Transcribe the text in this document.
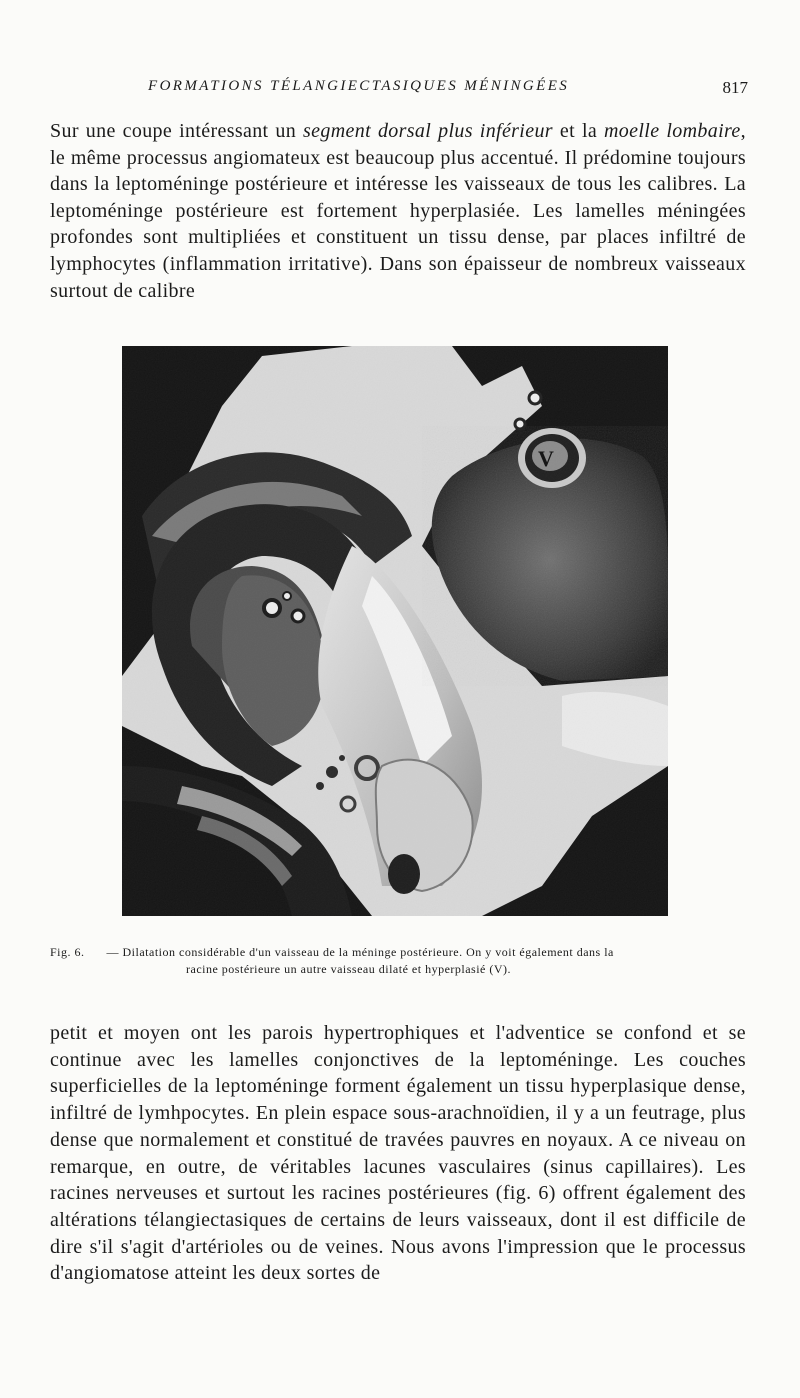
FORMATIONS TÉLANGIECTASIQUES MÉNINGÉES	817

Sur une coupe intéressant un segment dorsal plus inférieur et la moelle lombaire, le même processus angiomateux est beaucoup plus accentué. Il prédomine toujours dans la leptoméninge postérieure et intéresse les vaisseaux de tous les calibres. La leptoméninge postérieure est fortement hyperplasiée. Les lamelles méningées profondes sont multipliées et constituent un tissu dense, par places infiltré de lymphocytes (inflammation irritative). Dans son épaisseur de nombreux vaisseaux surtout de calibre

V
Fig. 6. — Dilatation considérable d'un vaisseau de la méninge postérieure. On y voit également dans la
racine postérieure un autre vaisseau dilaté et hyperplasié (V).

petit et moyen ont les parois hypertrophiques et l'adventice se confond et se continue avec les lamelles conjonctives de la leptoméninge. Les couches superficielles de la leptoméninge forment également un tissu hyperplasique dense, infiltré de lymhpocytes. En plein espace sous-arachnoïdien, il y a un feutrage, plus dense que normalement et constitué de travées pauvres en noyaux. A ce niveau on remarque, en outre, de véritables lacunes vasculaires (sinus capillaires). Les racines nerveuses et surtout les racines postérieures (fig. 6) offrent également des altérations télangiectasiques de certains de leurs vaisseaux, dont il est difficile de dire s'il s'agit d'artérioles ou de veines. Nous avons l'impression que le processus d'angiomatose atteint les deux sortes de
